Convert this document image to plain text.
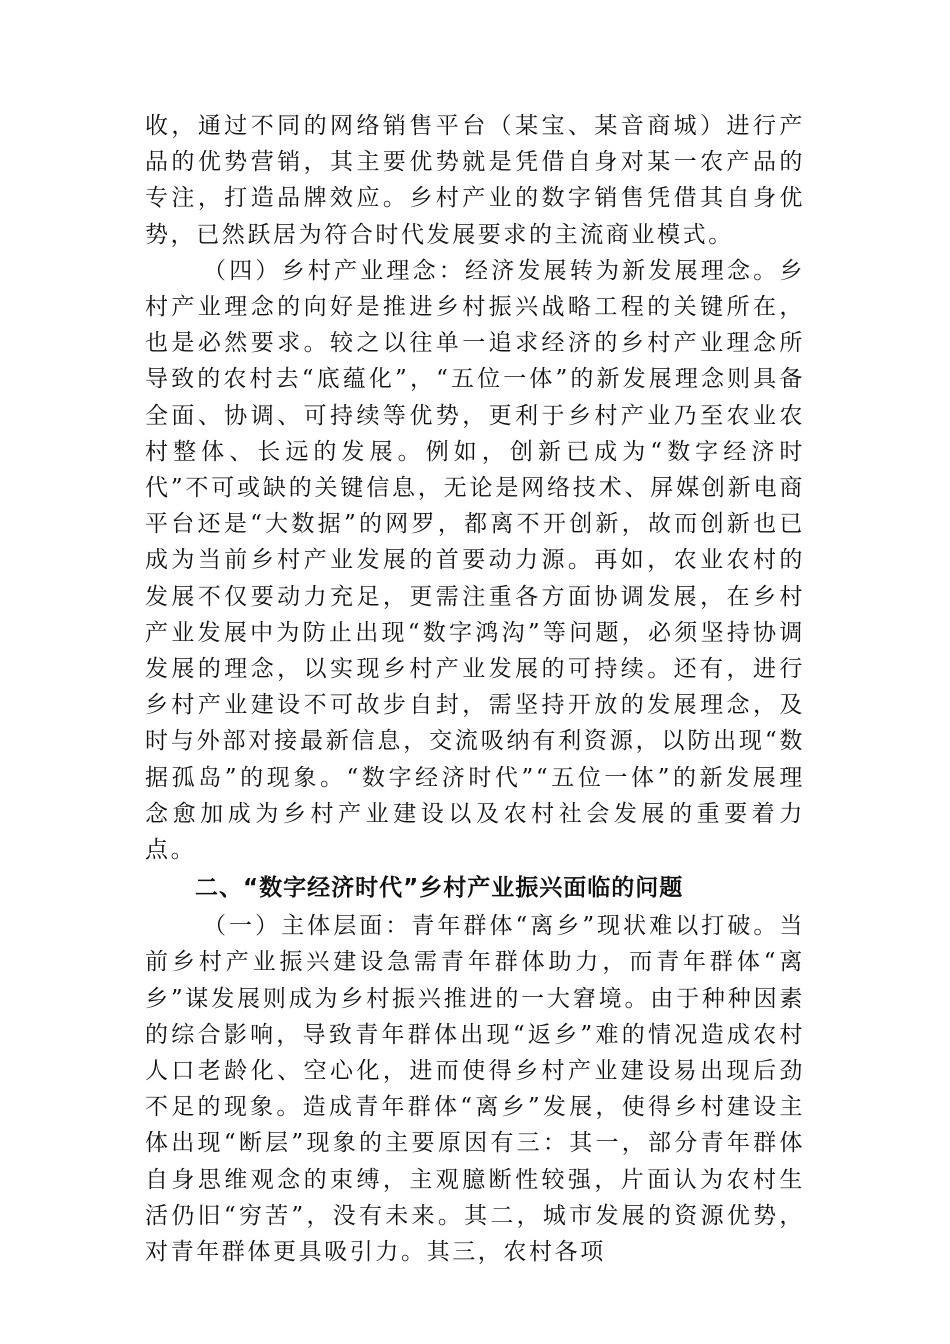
收，通过不同的网络销售平台（某宝、某音商城）进行产品的优势营销，其主要优势就是凭借自身对某一农产品的专注，打造品牌效应。乡村产业的数字销售凭借其自身优势，已然跃居为符合时代发展要求的主流商业模式。

（四）乡村产业理念：经济发展转为新发展理念。乡村产业理念的向好是推进乡村振兴战略工程的关键所在，也是必然要求。较之以往单一追求经济的乡村产业理念所导致的农村去“底蕴化”，“五位一体”的新发展理念则具备全面、协调、可持续等优势，更利于乡村产业乃至农业农村整体、长远的发展。例如，创新已成为“数字经济时代”不可或缺的关键信息，无论是网络技术、屏媒创新电商平台还是“大数据”的网罗，都离不开创新，故而创新也已成为当前乡村产业发展的首要动力源。再如，农业农村的发展不仅要动力充足，更需注重各方面协调发展，在乡村产业发展中为防止出现“数字鸿沟”等问题，必须坚持协调发展的理念，以实现乡村产业发展的可持续。还有，进行乡村产业建设不可故步自封，需坚持开放的发展理念，及时与外部对接最新信息，交流吸纳有利资源，以防出现“数据孤岛”的现象。“数字经济时代”“五位一体”的新发展理念愈加成为乡村产业建设以及农村社会发展的重要着力点。

二、“数字经济时代”乡村产业振兴面临的问题

（一）主体层面：青年群体“离乡”现状难以打破。当前乡村产业振兴建设急需青年群体助力，而青年群体“离乡”谋发展则成为乡村振兴推进的一大窘境。由于种种因素的综合影响，导致青年群体出现“返乡”难的情况造成农村人口老龄化、空心化，进而使得乡村产业建设易出现后劲不足的现象。造成青年群体“离乡”发展，使得乡村建设主体出现“断层”现象的主要原因有三：其一，部分青年群体自身思维观念的束缚，主观臆断性较强，片面认为农村生活仍旧“穷苦”，没有未来。其二，城市发展的资源优势，对青年群体更具吸引力。其三，农村各项
